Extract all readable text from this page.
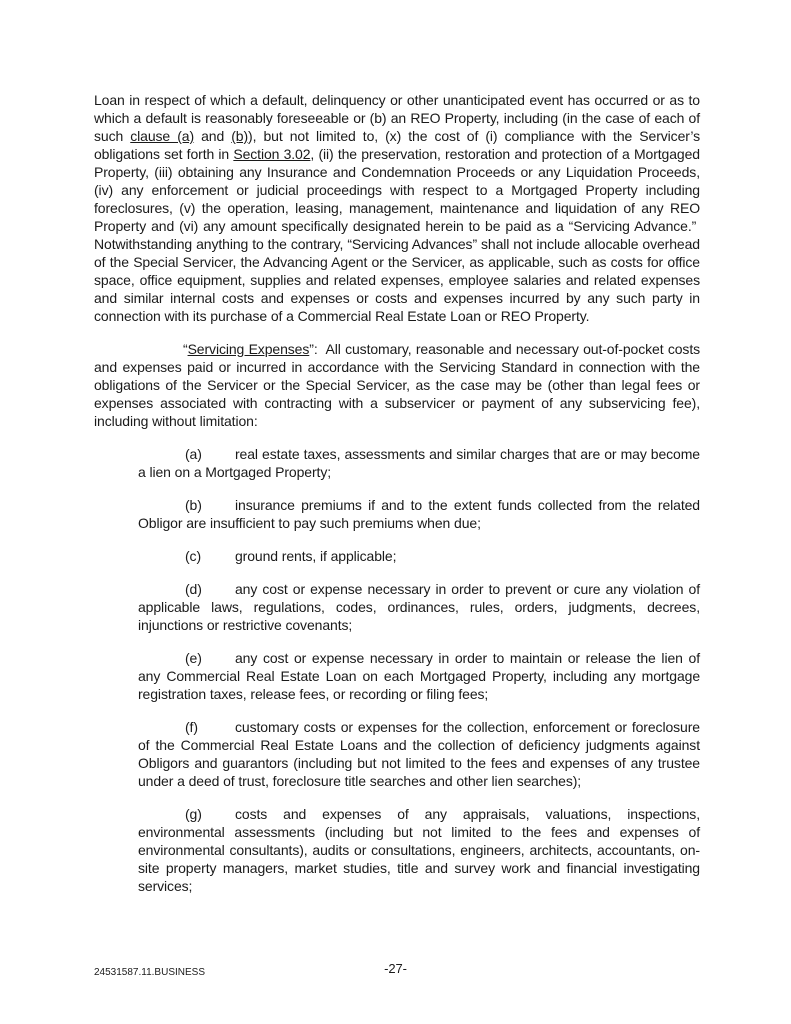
Loan in respect of which a default, delinquency or other unanticipated event has occurred or as to which a default is reasonably foreseeable or (b) an REO Property, including (in the case of each of such clause (a) and (b)), but not limited to, (x) the cost of (i) compliance with the Servicer’s obligations set forth in Section 3.02, (ii) the preservation, restoration and protection of a Mortgaged Property, (iii) obtaining any Insurance and Condemnation Proceeds or any Liquidation Proceeds, (iv) any enforcement or judicial proceedings with respect to a Mortgaged Property including foreclosures, (v) the operation, leasing, management, maintenance and liquidation of any REO Property and (vi) any amount specifically designated herein to be paid as a “Servicing Advance.”  Notwithstanding anything to the contrary, “Servicing Advances” shall not include allocable overhead of the Special Servicer, the Advancing Agent or the Servicer, as applicable, such as costs for office space, office equipment, supplies and related expenses, employee salaries and related expenses and similar internal costs and expenses or costs and expenses incurred by any such party in connection with its purchase of a Commercial Real Estate Loan or REO Property.

“Servicing Expenses”:  All customary, reasonable and necessary out-of-pocket costs and expenses paid or incurred in accordance with the Servicing Standard in connection with the obligations of the Servicer or the Special Servicer, as the case may be (other than legal fees or expenses associated with contracting with a subservicer or payment of any subservicing fee), including without limitation:

(a) real estate taxes, assessments and similar charges that are or may become a lien on a Mortgaged Property;

(b) insurance premiums if and to the extent funds collected from the related Obligor are insufficient to pay such premiums when due;

(c) ground rents, if applicable;

(d) any cost or expense necessary in order to prevent or cure any violation of applicable laws, regulations, codes, ordinances, rules, orders, judgments, decrees, injunctions or restrictive covenants;

(e) any cost or expense necessary in order to maintain or release the lien of any Commercial Real Estate Loan on each Mortgaged Property, including any mortgage registration taxes, release fees, or recording or filing fees;

(f)	customary costs or expenses for the collection, enforcement or foreclosure of the Commercial Real Estate Loans and the collection of deficiency judgments against Obligors and guarantors (including but not limited to the fees and expenses of any trustee under a deed of trust, foreclosure title searches and other lien searches);

(g) costs and expenses of any appraisals, valuations, inspections, environmental assessments (including but not limited to the fees and expenses of environmental consultants), audits or consultations, engineers, architects, accountants, on-site property managers, market studies, title and survey work and financial investigating services;

24531587.11.BUSINESS	-27-
